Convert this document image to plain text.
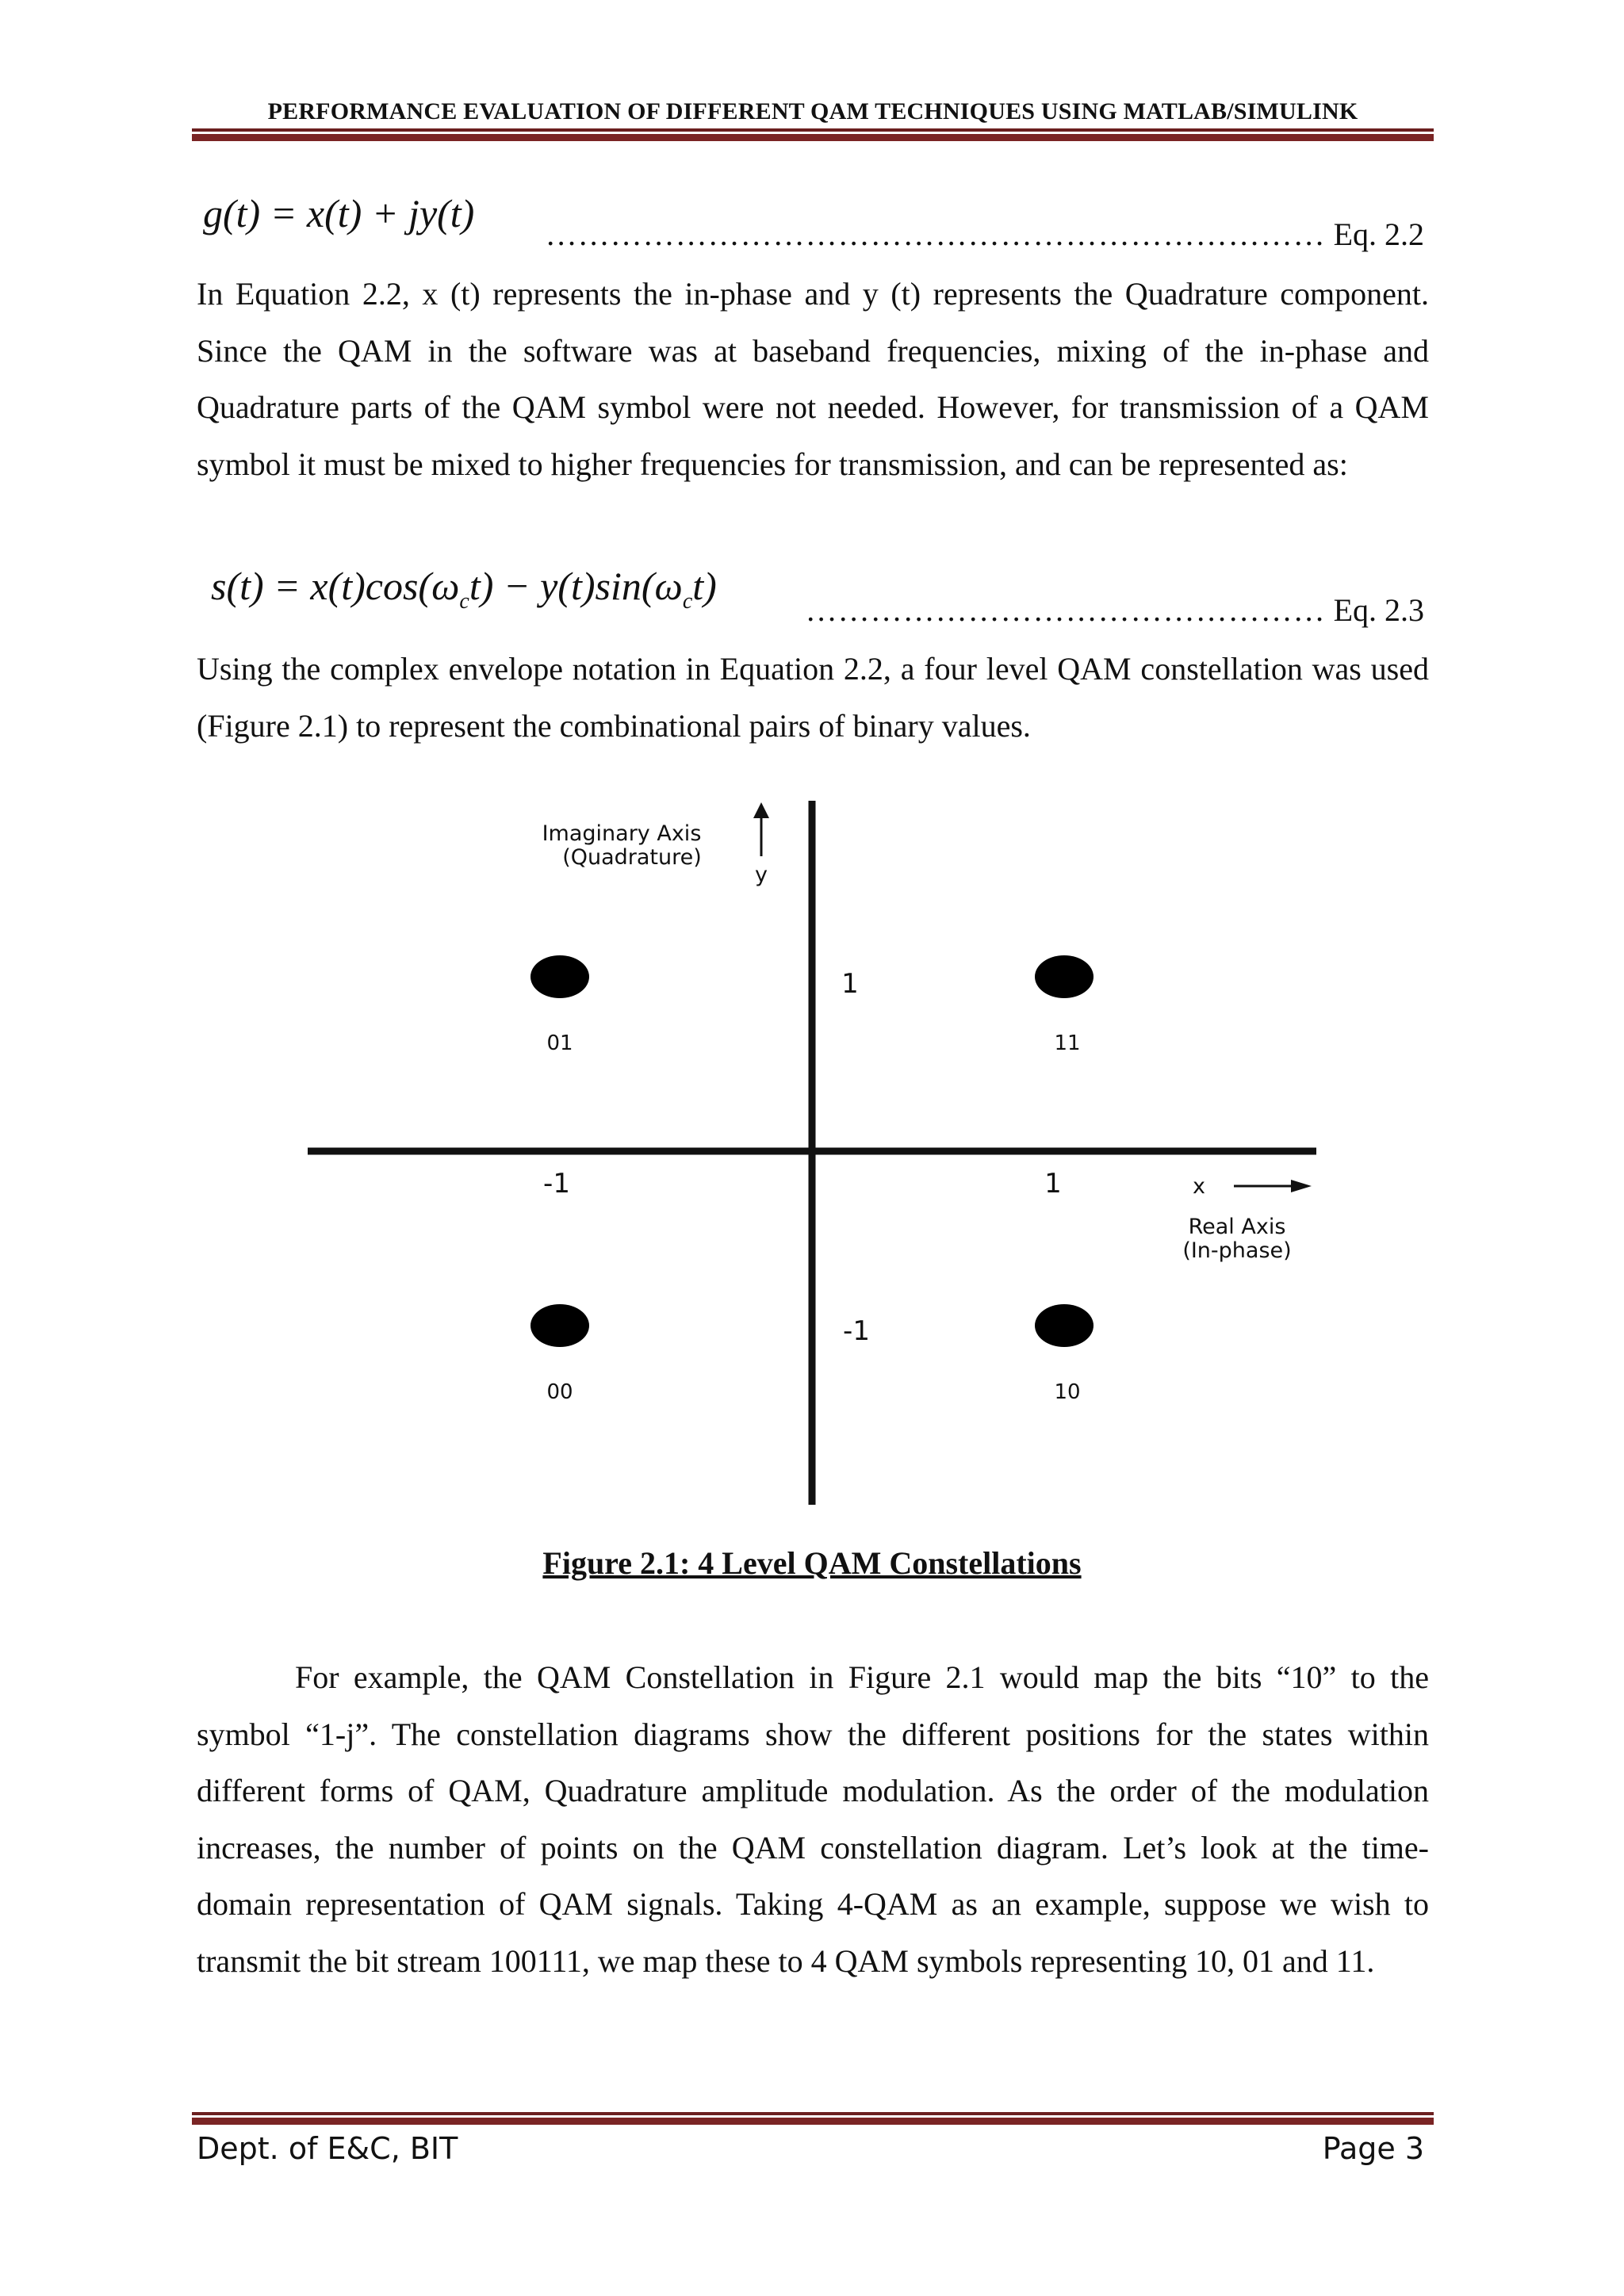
PERFORMANCE EVALUATION OF DIFFERENT QAM TECHNIQUES USING MATLAB/SIMULINK
g(t) = x(t) + jy(t) ……………………………………………………………… Eq. 2.2
In Equation 2.2, x (t) represents the in-phase and y (t) represents the Quadrature component. Since the QAM in the software was at baseband frequencies, mixing of the in-phase and Quadrature parts of the QAM symbol were not needed. However, for transmission of a QAM symbol it must be mixed to higher frequencies for transmission, and can be represented as:
$s(t) = x(t)\cos(\omega_ct) - y(t)\sin(\omega_ct)$
………………………………………… Eq. 2.3
Using the complex envelope notation in Equation 2.2, a four level QAM constellation was used (Figure 2.1) to represent the combinational pairs of binary values.
Imaginary Axis
(Quadrature)
y
x
Real Axis
(In-phase)
1
-1
1
-1
01	11
00	10
Figure 2.1: 4 Level QAM Constellations
For example, the QAM Constellation in Figure 2.1 would map the bits “10” to the symbol “1-j”. The constellation diagrams show the different positions for the states within different forms of QAM, Quadrature amplitude modulation. As the order of the modulation increases, the number of points on the QAM constellation diagram. Let’s look at the time-domain representation of QAM signals. Taking 4-QAM as an example, suppose we wish to transmit the bit stream 100111, we map these to 4 QAM symbols representing 10, 01 and 11.
Dept. of E&C, BIT	Page 3
